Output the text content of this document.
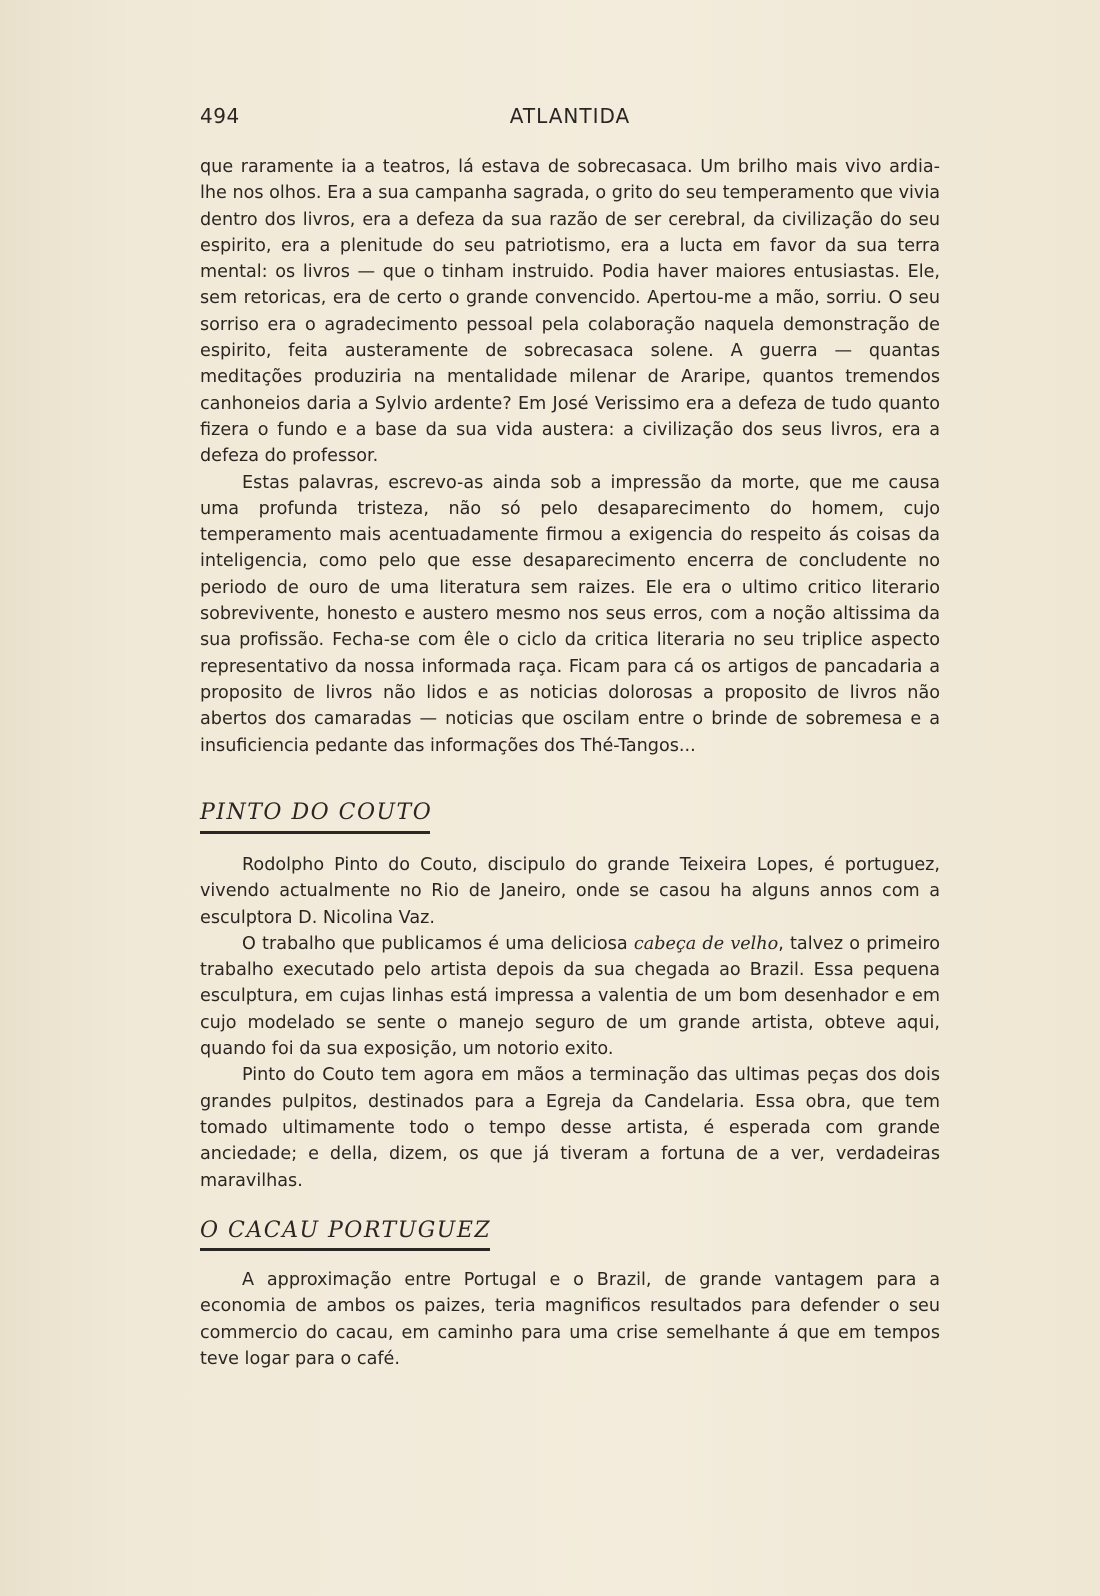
494	ATLANTIDA

que raramente ia a teatros, lá estava de sobrecasaca. Um brilho mais vivo ardia-lhe nos olhos. Era a sua campanha sagrada, o grito do seu temperamento que vivia dentro dos livros, era a defeza da sua razão de ser cerebral, da civilização do seu espirito, era a plenitude do seu patriotismo, era a lucta em favor da sua terra mental: os livros — que o tinham instruido. Podia haver maiores entusiastas. Ele, sem retoricas, era de certo o grande convencido. Apertou-me a mão, sorriu. O seu sorriso era o agradecimento pessoal pela colaboração naquela demonstração de espirito, feita austeramente de sobrecasaca solene. A guerra — quantas meditações produziria na mentalidade milenar de Araripe, quantos tremendos canhoneios daria a Sylvio ardente? Em José Verissimo era a defeza de tudo quanto fizera o fundo e a base da sua vida austera: a civilização dos seus livros, era a defeza do professor.

Estas palavras, escrevo-as ainda sob a impressão da morte, que me causa uma profunda tristeza, não só pelo desaparecimento do homem, cujo temperamento mais acentuadamente firmou a exigencia do respeito ás coisas da inteligencia, como pelo que esse desaparecimento encerra de concludente no periodo de ouro de uma literatura sem raizes. Ele era o ultimo critico literario sobrevivente, honesto e austero mesmo nos seus erros, com a noção altissima da sua profissão. Fecha-se com êle o ciclo da critica literaria no seu triplice aspecto representativo da nossa informada raça. Ficam para cá os artigos de pancadaria a proposito de livros não lidos e as noticias dolorosas a proposito de livros não abertos dos camaradas — noticias que oscilam entre o brinde de sobremesa e a insuficiencia pedante das informações dos Thé-Tangos...

PINTO DO COUTO

Rodolpho Pinto do Couto, discipulo do grande Teixeira Lopes, é portuguez, vivendo actualmente no Rio de Janeiro, onde se casou ha alguns annos com a esculptora D. Nicolina Vaz.

O trabalho que publicamos é uma deliciosa cabeça de velho, talvez o primeiro trabalho executado pelo artista depois da sua chegada ao Brazil. Essa pequena esculptura, em cujas linhas está impressa a valentia de um bom desenhador e em cujo modelado se sente o manejo seguro de um grande artista, obteve aqui, quando foi da sua exposição, um notorio exito.

Pinto do Couto tem agora em mãos a terminação das ultimas peças dos dois grandes pulpitos, destinados para a Egreja da Candelaria. Essa obra, que tem tomado ultimamente todo o tempo desse artista, é esperada com grande anciedade; e della, dizem, os que já tiveram a fortuna de a ver, verdadeiras maravilhas.

O CACAU PORTUGUEZ

A approximação entre Portugal e o Brazil, de grande vantagem para a economia de ambos os paizes, teria magnificos resultados para defender o seu commercio do cacau, em caminho para uma crise semelhante á que em tempos teve logar para o café.
